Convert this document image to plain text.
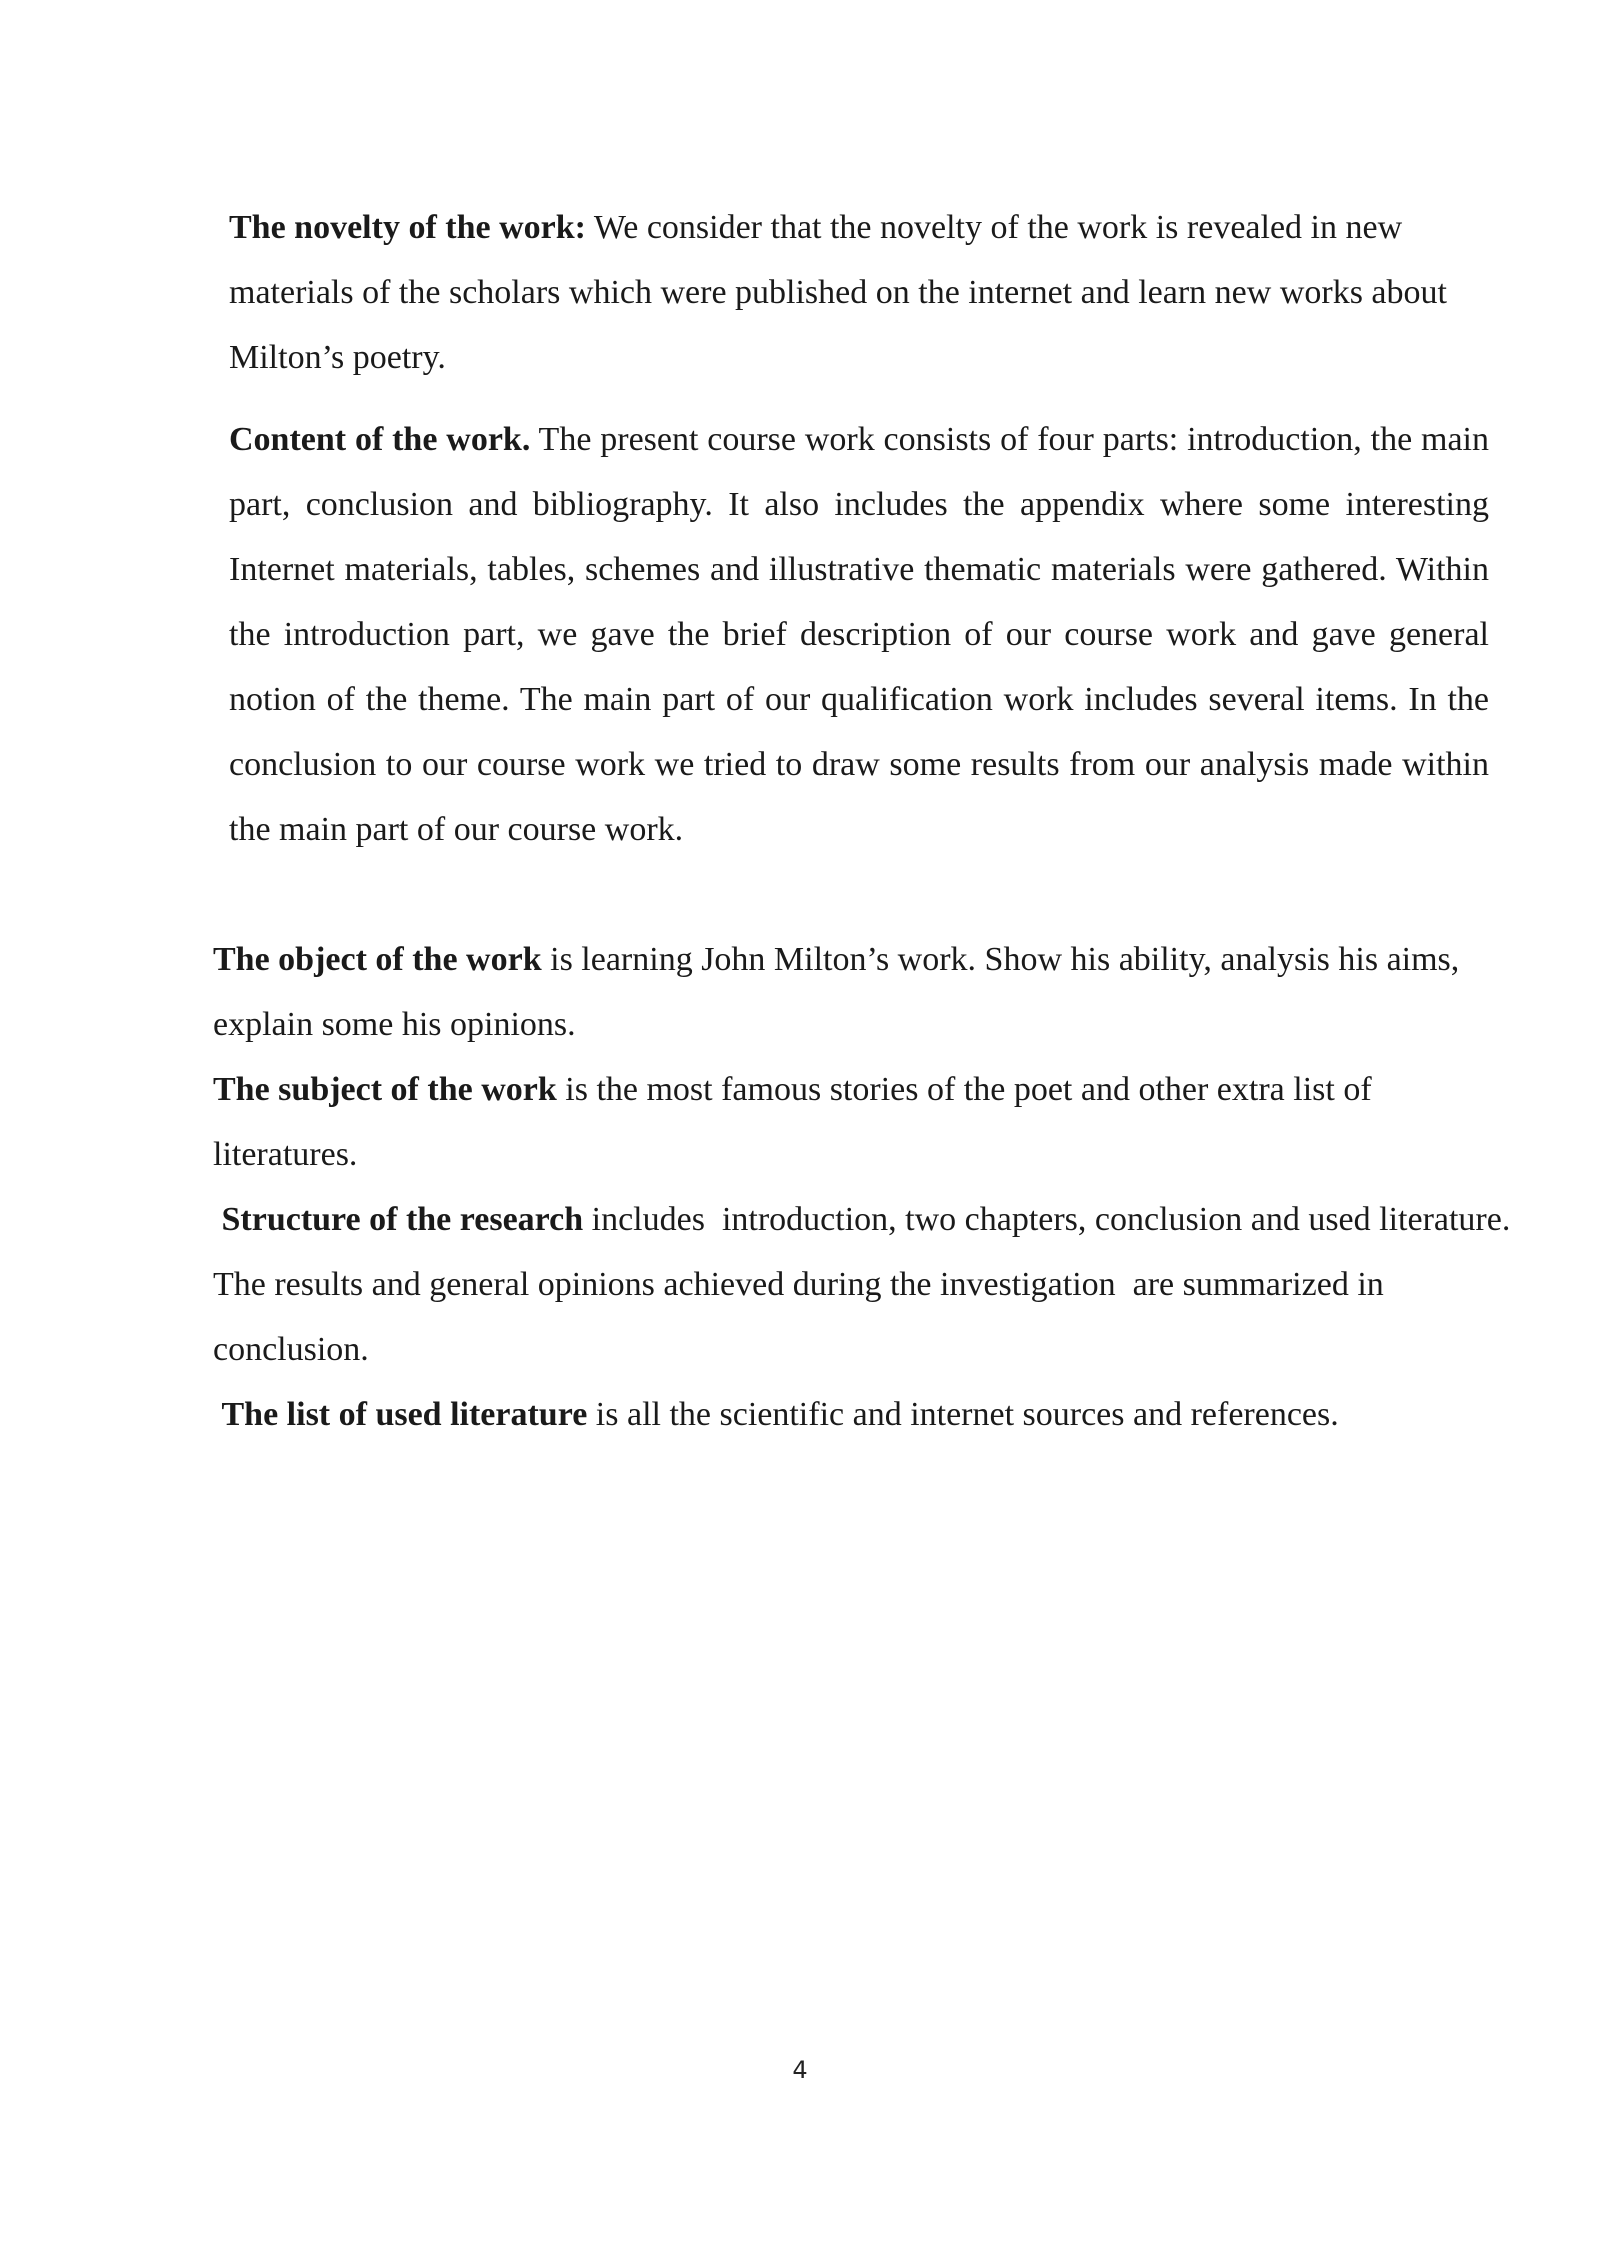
The novelty of the work: We consider that the novelty of the work is revealed in new materials of the scholars which were published on the internet and learn new works about Milton’s poetry.

Content of the work. The present course work consists of four parts: introduction, the main part, conclusion and bibliography. It also includes the appendix where some interesting Internet materials, tables, schemes and illustrative thematic materials were gathered. Within the introduction part, we gave the brief description of our course work and gave general notion of the theme. The main part of our qualification work includes several items. In the conclusion to our course work we tried to draw some results from our analysis made within the main part of our course work.

The object of the work is learning John Milton’s work. Show his ability, analysis his aims, explain some his opinions.

The subject of the work is the most famous stories of the poet and other extra list of literatures.

Structure of the research includes  introduction, two chapters, conclusion and used literature. The results and general opinions achieved during the investigation  are summarized in conclusion.

The list of used literature is all the scientific and internet sources and references.

4
